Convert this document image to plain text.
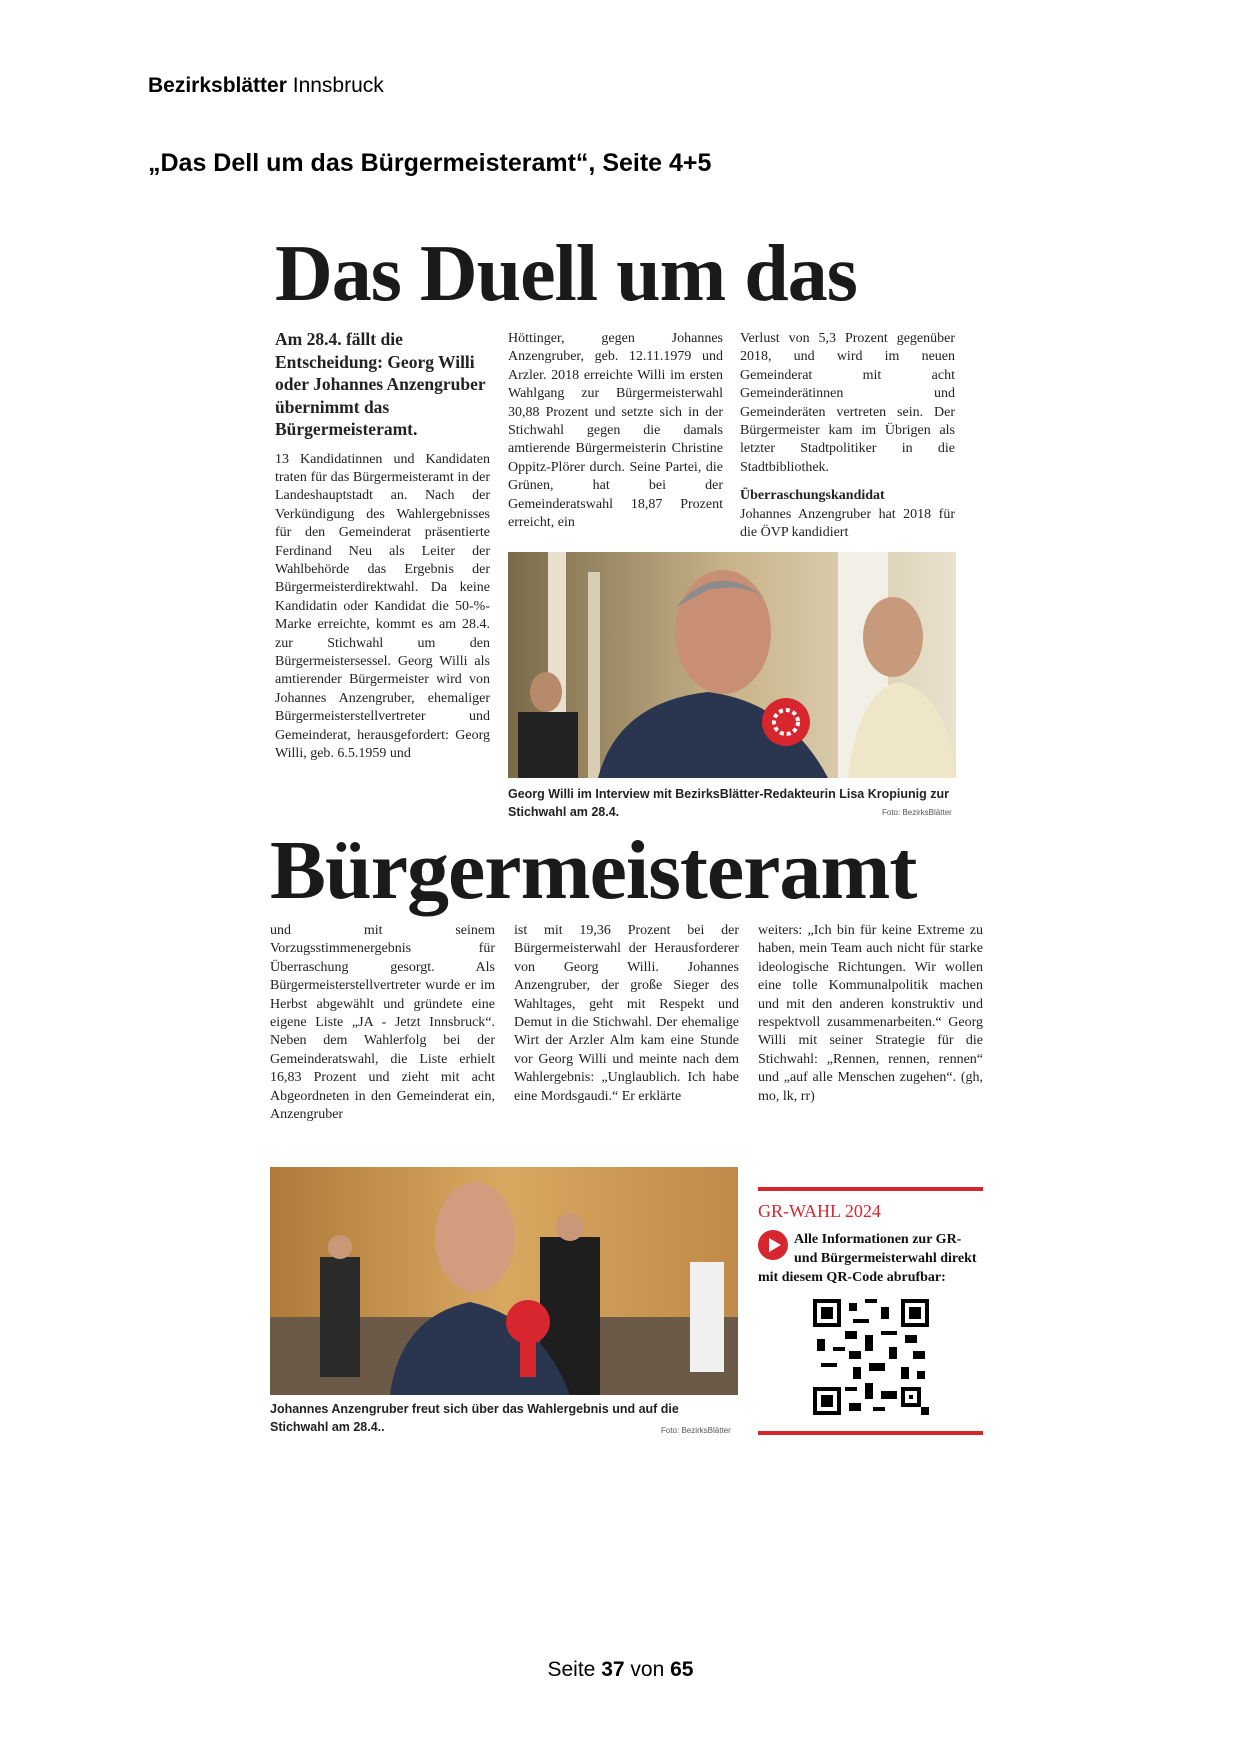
Bezirksblätter Innsbruck
„Das Dell um das Bürgermeisteramt“, Seite 4+5
Das Duell um das
Am 28.4. fällt die Entscheidung: Georg Willi oder Johannes Anzengruber übernimmt das Bürgermeisteramt.
13 Kandidatinnen und Kandidaten traten für das Bürgermeisteramt in der Landeshauptstadt an. Nach der Verkündigung des Wahlergebnisses für den Gemeinderat präsentierte Ferdinand Neu als Leiter der Wahlbehörde das Ergebnis der Bürgermeisterdirektwahl. Da keine Kandidatin oder Kandidat die 50-%-Marke erreichte, kommt es am 28.4. zur Stichwahl um den Bürgermeistersessel. Georg Willi als amtierender Bürgermeister wird von Johannes Anzengruber, ehemaliger Bürgermeisterstellvertreter und Gemeinderat, herausgefordert: Georg Willi, geb. 6.5.1959 und
Höttinger, gegen Johannes Anzengruber, geb. 12.11.1979 und Arzler. 2018 erreichte Willi im ersten Wahlgang zur Bürgermeisterwahl 30,88 Prozent und setzte sich in der Stichwahl gegen die damals amtierende Bürgermeisterin Christine Oppitz-Plörer durch. Seine Partei, die Grünen, hat bei der Gemeinderatswahl 18,87 Prozent erreicht, ein
Verlust von 5,3 Prozent gegenüber 2018, und wird im neuen Gemeinderat mit acht Gemeinderätinnen und Gemeinderäten vertreten sein. Der Bürgermeister kam im Übrigen als letzter Stadtpolitiker in die Stadtbibliothek.
Überraschungskandidat
Johannes Anzengruber hat 2018 für die ÖVP kandidiert
Georg Willi im Interview mit BezirksBlätter-Redakteurin Lisa Kropiunig zur Stichwahl am 28.4.	Foto: BezirksBlätter
Bürgermeisteramt
und mit seinem Vorzugsstimmenergebnis für Überraschung gesorgt. Als Bürgermeisterstellvertreter wurde er im Herbst abgewählt und gründete eine eigene Liste „JA - Jetzt Innsbruck“. Neben dem Wahlerfolg bei der Gemeinderatswahl, die Liste erhielt 16,83 Prozent und zieht mit acht Abgeordneten in den Gemeinderat ein, Anzengruber
ist mit 19,36 Prozent bei der Bürgermeisterwahl der Herausforderer von Georg Willi. Johannes Anzengruber, der große Sieger des Wahltages, geht mit Respekt und Demut in die Stichwahl. Der ehemalige Wirt der Arzler Alm kam eine Stunde vor Georg Willi und meinte nach dem Wahlergebnis: „Unglaublich. Ich habe eine Mordsgaudi.“ Er erklärte
weiters: „Ich bin für keine Extreme zu haben, mein Team auch nicht für starke ideologische Richtungen. Wir wollen eine tolle Kommunalpolitik machen und mit den anderen konstruktiv und respektvoll zusammenarbeiten.“ Georg Willi mit seiner Strategie für die Stichwahl: „Rennen, rennen, rennen“ und „auf alle Menschen zugehen“. (gh, mo, lk, rr)
Johannes Anzengruber freut sich über das Wahlergebnis und auf die Stichwahl am 28.4..	Foto: BezirksBlätter
GR-WAHL 2024
Alle Informationen zur GR- und Bürgermeisterwahl direkt mit diesem QR-Code abrufbar:
Seite 37 von 65
